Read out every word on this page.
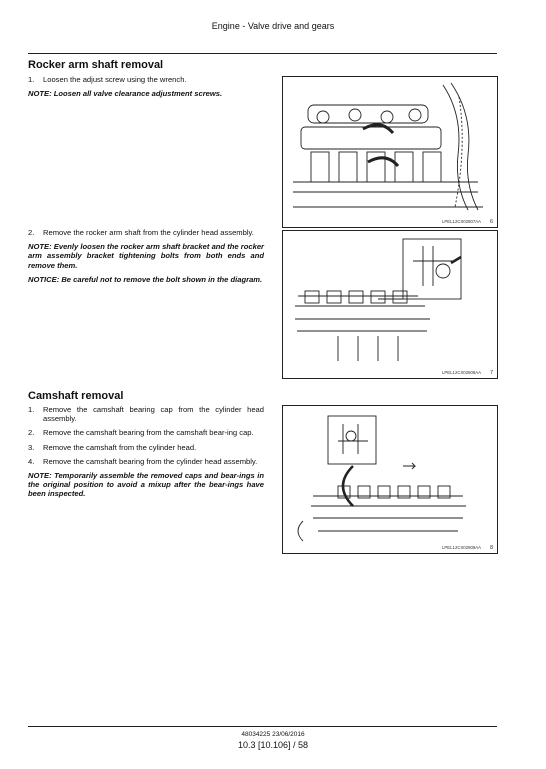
Engine - Valve drive and gears
Rocker arm shaft removal
1. Loosen the adjust screw using the wrench.
NOTE: Loosen all valve clearance adjustment screws.
LPEL12CX02807AA 6
2. Remove the rocker arm shaft from the cylinder head assembly.
NOTE: Evenly loosen the rocker arm shaft bracket and the rocker arm assembly bracket tightening bolts from both ends and remove them.
NOTICE: Be careful not to remove the bolt shown in the diagram.
LPEL12CX02808AA 7
Camshaft removal
1. Remove the camshaft bearing cap from the cylinder head assembly.
2. Remove the camshaft bearing from the camshaft bear-ing cap.
3. Remove the camshaft from the cylinder head.
4. Remove the camshaft bearing from the cylinder head assembly.
NOTE: Temporarily assemble the removed caps and bear-ings in the original position to avoid a mixup after the bear-ings have been inspected.
LPEL12CX02809AA 8
48034225 23/06/2016
10.3 [10.106] / 58
